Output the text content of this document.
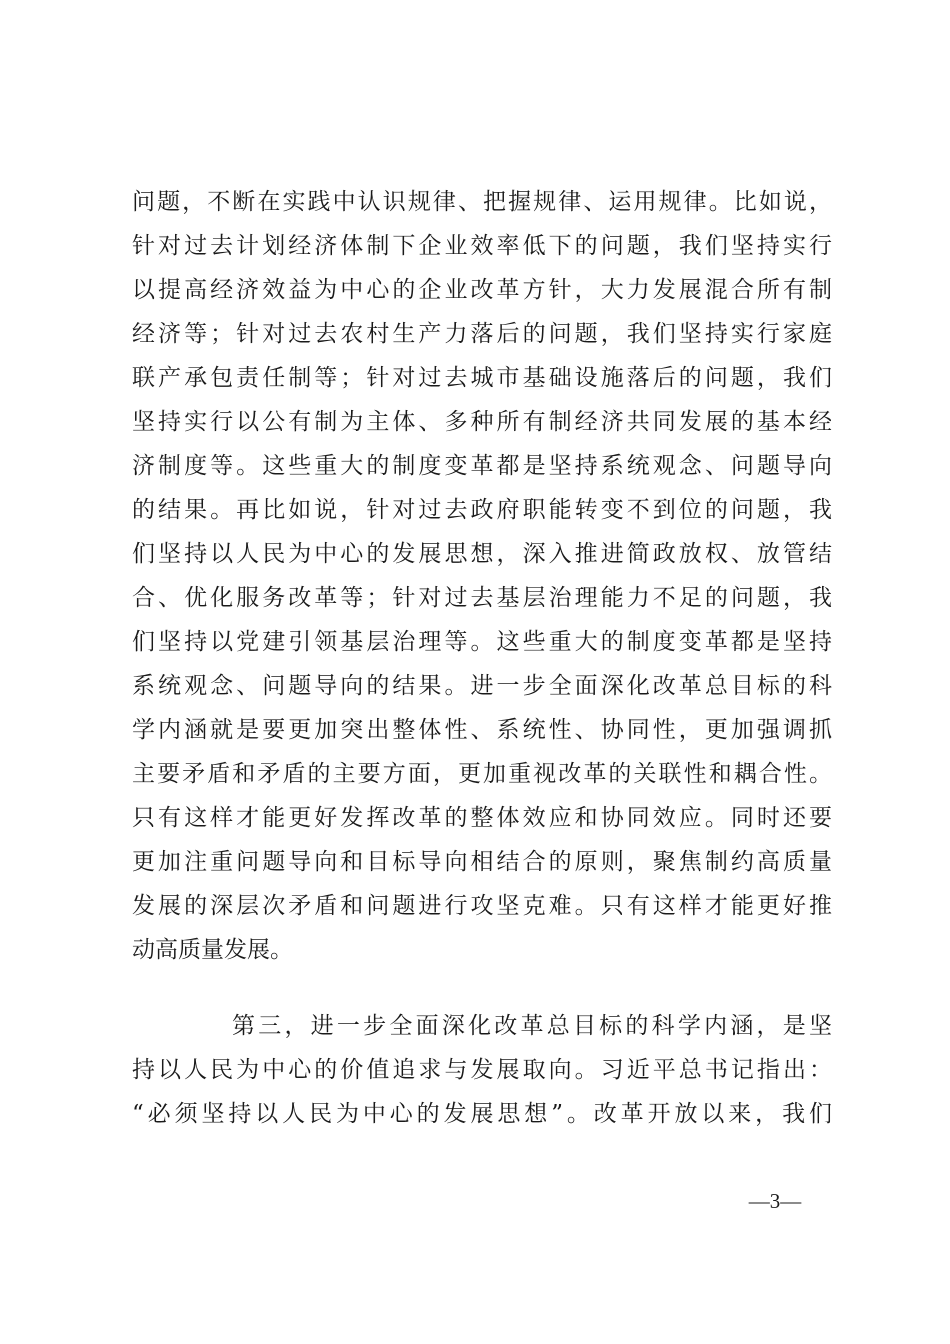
问题，不断在实践中认识规律、把握规律、运用规律。比如说，
针对过去计划经济体制下企业效率低下的问题，我们坚持实行
以提高经济效益为中心的企业改革方针，大力发展混合所有制
经济等；针对过去农村生产力落后的问题，我们坚持实行家庭
联产承包责任制等；针对过去城市基础设施落后的问题，我们
坚持实行以公有制为主体、多种所有制经济共同发展的基本经
济制度等。这些重大的制度变革都是坚持系统观念、问题导向
的结果。再比如说，针对过去政府职能转变不到位的问题，我
们坚持以人民为中心的发展思想，深入推进简政放权、放管结
合、优化服务改革等；针对过去基层治理能力不足的问题，我
们坚持以党建引领基层治理等。这些重大的制度变革都是坚持
系统观念、问题导向的结果。进一步全面深化改革总目标的科
学内涵就是要更加突出整体性、系统性、协同性，更加强调抓
主要矛盾和矛盾的主要方面，更加重视改革的关联性和耦合性。
只有这样才能更好发挥改革的整体效应和协同效应。同时还要
更加注重问题导向和目标导向相结合的原则，聚焦制约高质量
发展的深层次矛盾和问题进行攻坚克难。只有这样才能更好推
动高质量发展。
第三，进一步全面深化改革总目标的科学内涵，是坚
持以人民为中心的价值追求与发展取向。习近平总书记指出：
“必须坚持以人民为中心的发展思想”。改革开放以来，我们
—3—
